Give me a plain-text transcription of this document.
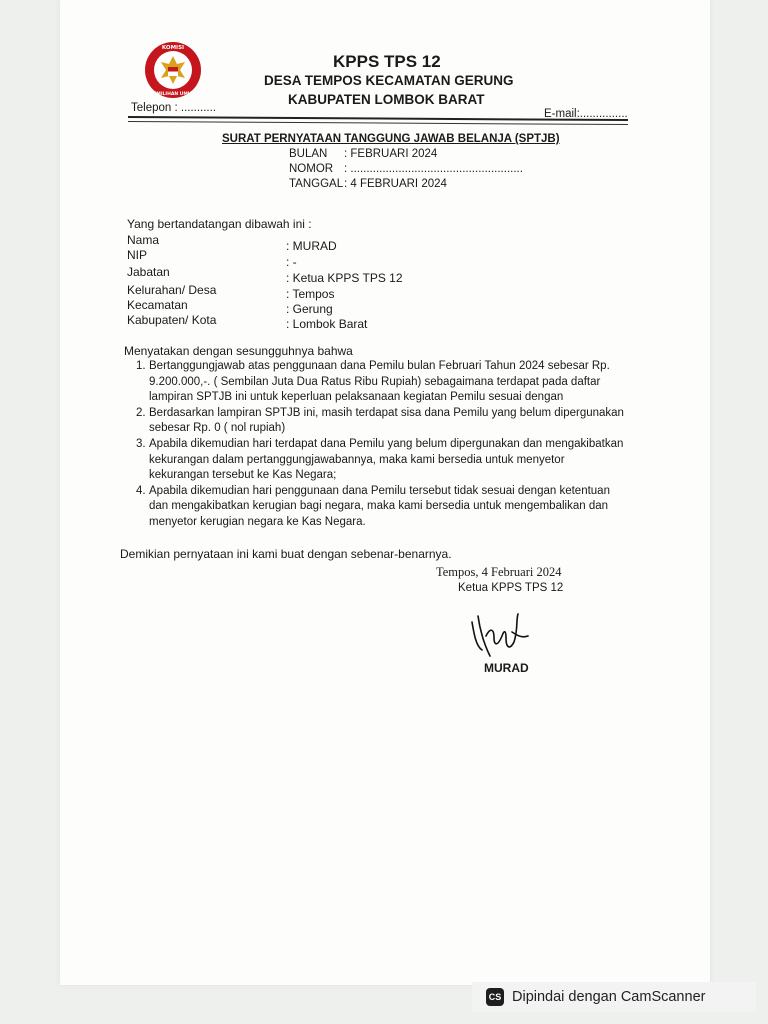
KOMISI
PEMILIHAN UMUM
KPPS TPS 12
DESA TEMPOS KECAMATAN GERUNG
KABUPATEN LOMBOK BARAT
Telepon : ...........	E-mail:...............
SURAT PERNYATAAN TANGGUNG JAWAB BELANJA (SPTJB)
BULAN	: FEBRUARI 2024
NOMOR : ......................................................
TANGGAL : 4 FEBRUARI 2024
Yang bertandatangan dibawah ini :
Nama	: MURAD
NIP	: -
Jabatan	: Ketua KPPS TPS 12
Kelurahan/ Desa	: Tempos
Kecamatan	: Gerung
Kabupaten/ Kota	: Lombok Barat
Menyatakan dengan sesungguhnya bahwa
1. Bertanggungjawab atas penggunaan dana Pemilu bulan Februari Tahun 2024 sebesar Rp. 9.200.000,-. ( Sembilan Juta Dua Ratus Ribu Rupiah) sebagaimana terdapat pada daftar lampiran SPTJB ini untuk keperluan pelaksanaan kegiatan Pemilu sesuai dengan
2. Berdasarkan lampiran SPTJB ini, masih terdapat sisa dana Pemilu yang belum dipergunakan sebesar Rp. 0 ( nol rupiah)
3. Apabila dikemudian hari terdapat dana Pemilu yang belum dipergunakan dan mengakibatkan kekurangan dalam pertanggungjawabannya, maka kami bersedia untuk menyetor kekurangan tersebut ke Kas Negara;
4. Apabila dikemudian hari penggunaan dana Pemilu tersebut tidak sesuai dengan ketentuan dan mengakibatkan kerugian bagi negara, maka kami bersedia untuk mengembalikan dan menyetor kerugian negara ke Kas Negara.
Demikian pernyataan ini kami buat dengan sebenar-benarnya.
Tempos, 4 Februari 2024
Ketua KPPS TPS 12
MURAD
CS Dipindai dengan CamScanner
